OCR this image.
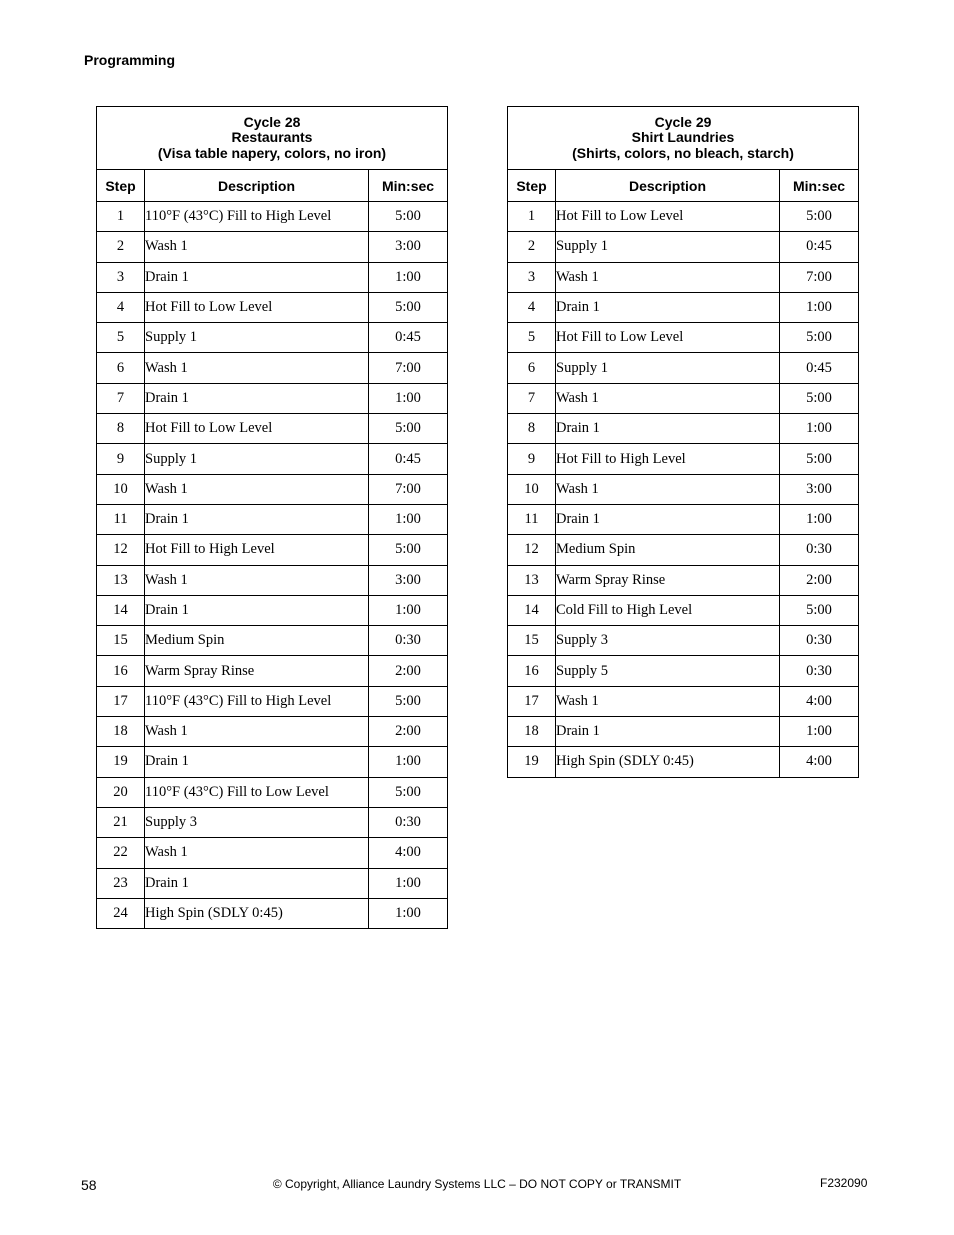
Programming
Cycle 28
Restaurants
(Visa table napery, colors, no iron)		

Step	Description	Min:sec
1	110°F (43°C) Fill to High Level	5:00
2	Wash 1	3:00
3	Drain 1	1:00
4	Hot Fill to Low Level	5:00
5	Supply 1	0:45
6	Wash 1	7:00
7	Drain 1	1:00
8	Hot Fill to Low Level	5:00
9	Supply 1	0:45
10	Wash 1	7:00
11	Drain 1	1:00
12	Hot Fill to High Level	5:00
13	Wash 1	3:00
14	Drain 1	1:00
15	Medium Spin	0:30
16	Warm Spray Rinse	2:00
17	110°F (43°C) Fill to High Level	5:00
18	Wash 1	2:00
19	Drain 1	1:00
20	110°F (43°C) Fill to Low Level	5:00
21	Supply 3	0:30
22	Wash 1	4:00
23	Drain 1	1:00
24	High Spin (SDLY 0:45)	1:00
Cycle 29
Shirt Laundries
(Shirts, colors, no bleach, starch)		

Step	Description	Min:sec
1	Hot Fill to Low Level	5:00
2	Supply 1	0:45
3	Wash 1	7:00
4	Drain 1	1:00
5	Hot Fill to Low Level	5:00
6	Supply 1	0:45
7	Wash 1	5:00
8	Drain 1	1:00
9	Hot Fill to High Level	5:00
10	Wash 1	3:00
11	Drain 1	1:00
12	Medium Spin	0:30
13	Warm Spray Rinse	2:00
14	Cold Fill to High Level	5:00
15	Supply 3	0:30
16	Supply 5	0:30
17	Wash 1	4:00
18	Drain 1	1:00
19	High Spin (SDLY 0:45)	4:00
58	© Copyright, Alliance Laundry Systems LLC – DO NOT COPY or TRANSMIT	F232090
